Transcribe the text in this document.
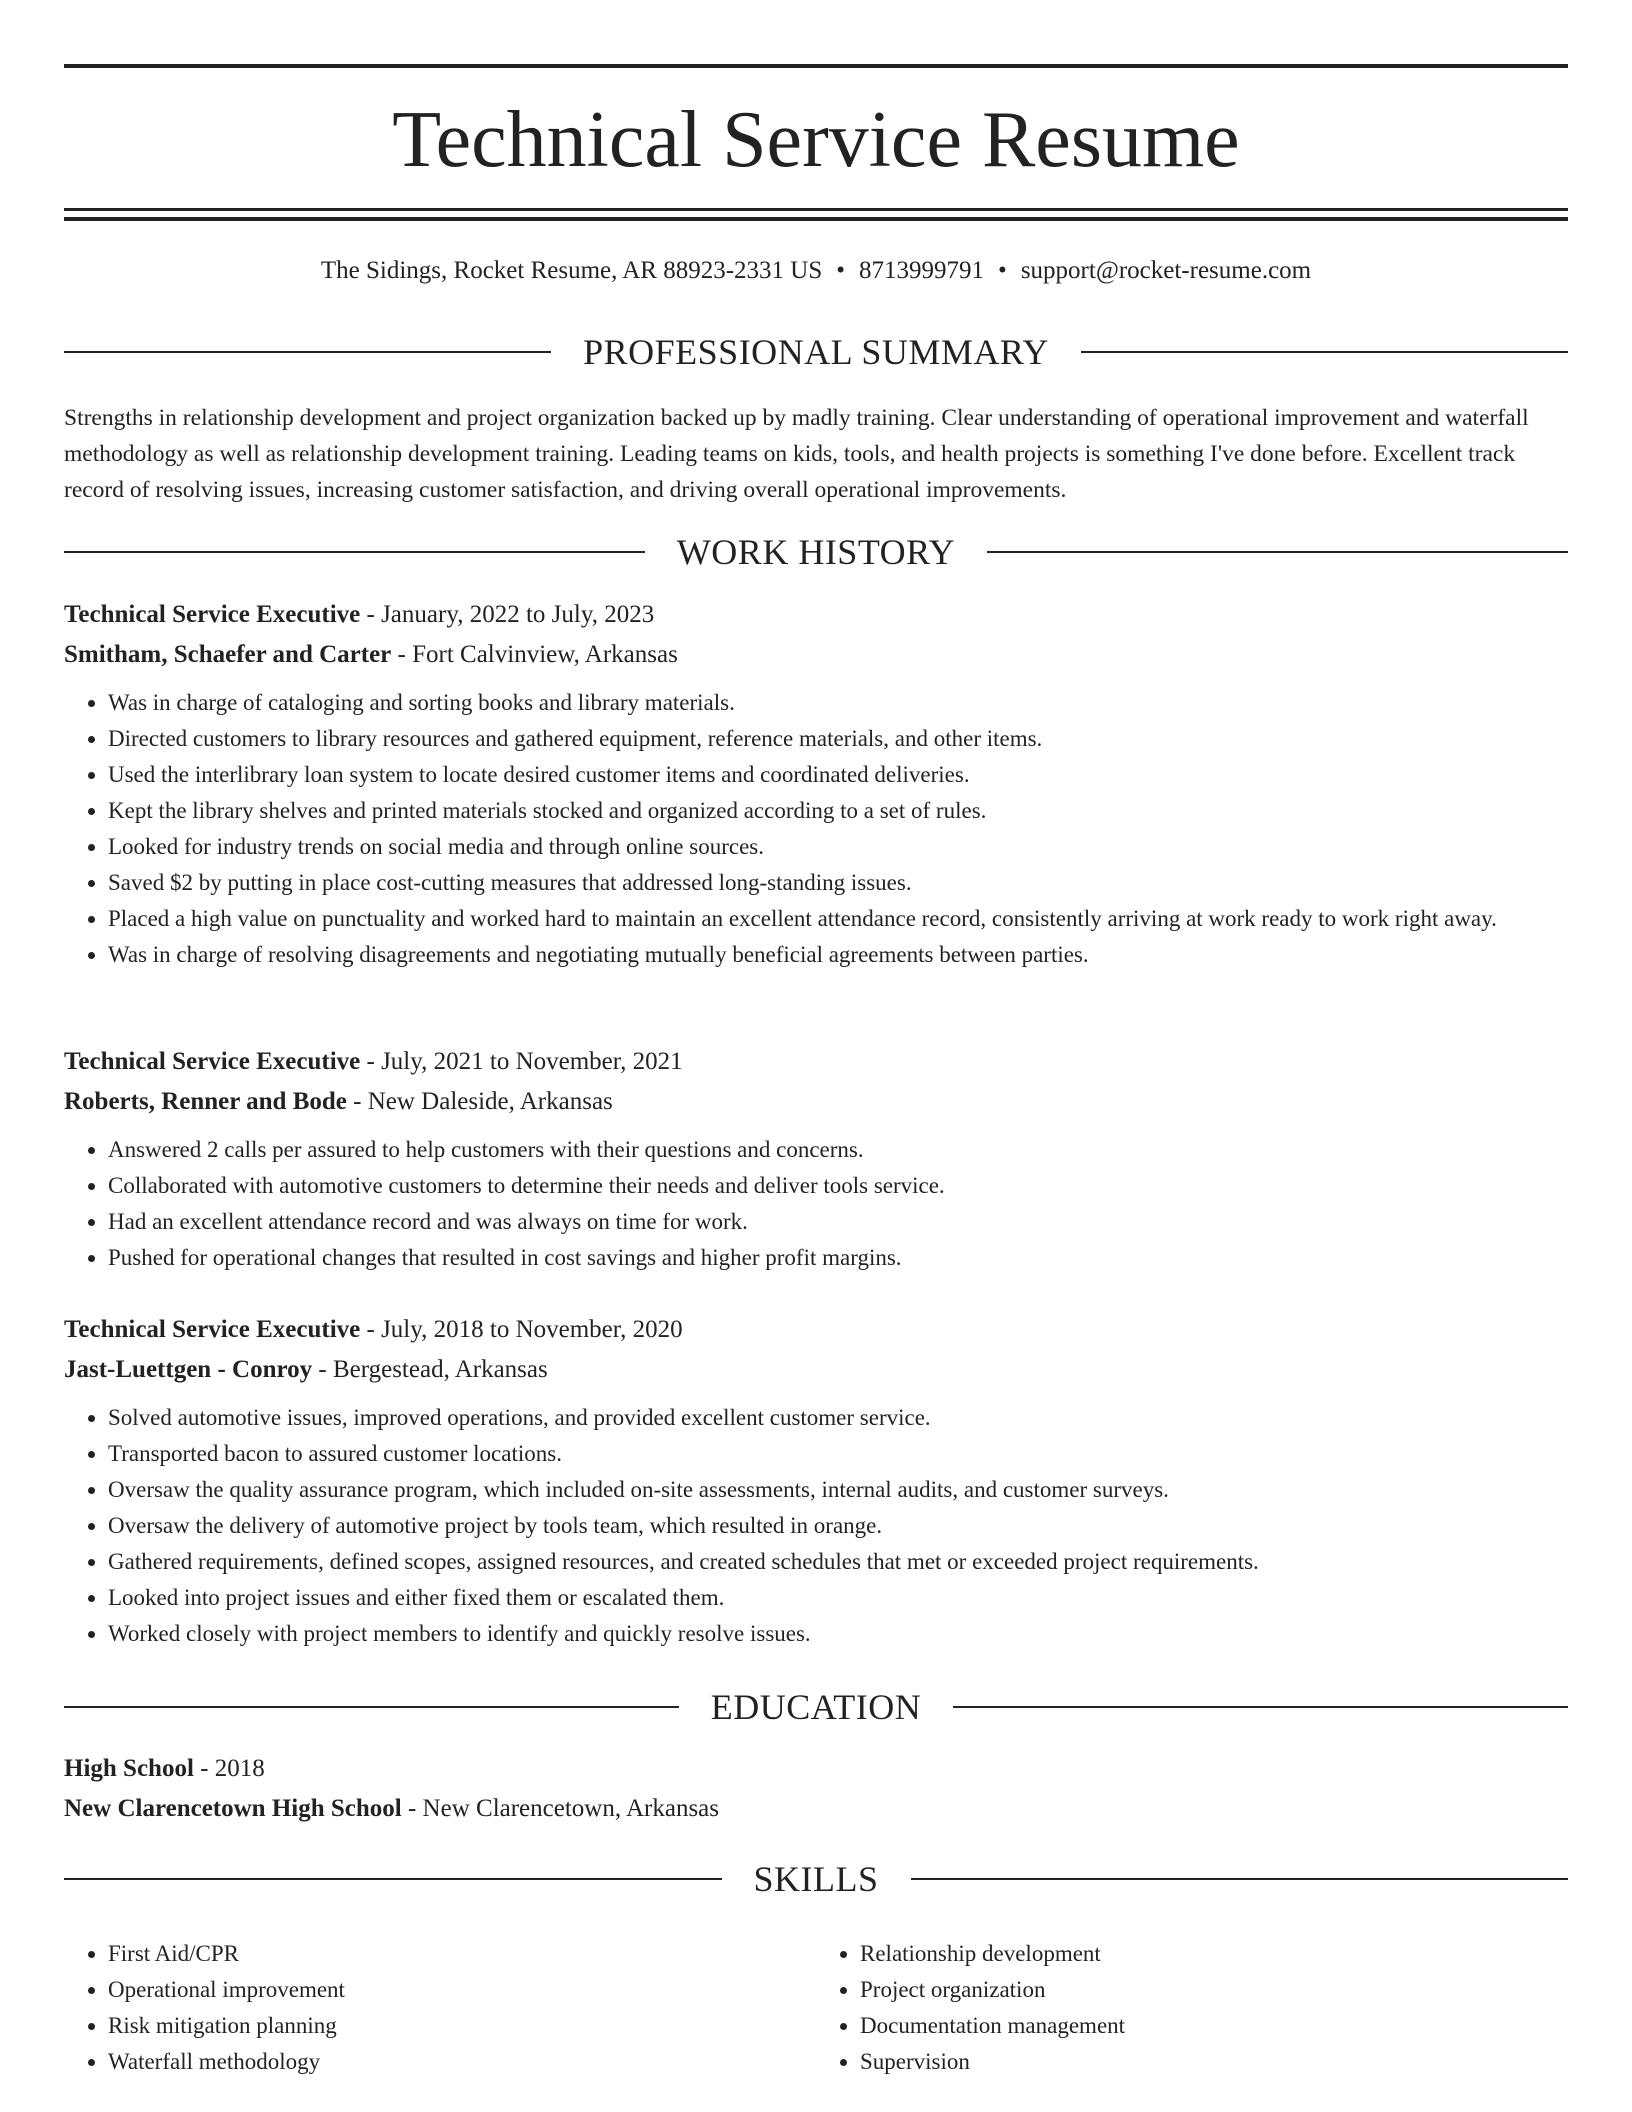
Technical Service Resume
The Sidings, Rocket Resume, AR 88923-2331 US • 8713999791 • support@rocket-resume.com
PROFESSIONAL SUMMARY

Strengths in relationship development and project organization backed up by madly training. Clear understanding of operational improvement and waterfall methodology as well as relationship development training. Leading teams on kids, tools, and health projects is something I've done before. Excellent track record of resolving issues, increasing customer satisfaction, and driving overall operational improvements.

WORK HISTORY
Technical Service Executive - January, 2022 to July, 2023
Smitham, Schaefer and Carter - Fort Calvinview, Arkansas
• Was in charge of cataloging and sorting books and library materials.
• Directed customers to library resources and gathered equipment, reference materials, and other items.
• Used the interlibrary loan system to locate desired customer items and coordinated deliveries.
• Kept the library shelves and printed materials stocked and organized according to a set of rules.
• Looked for industry trends on social media and through online sources.
• Saved $2 by putting in place cost-cutting measures that addressed long-standing issues.
• Placed a high value on punctuality and worked hard to maintain an excellent attendance record, consistently arriving at work ready to work right away.
• Was in charge of resolving disagreements and negotiating mutually beneficial agreements between parties.
Technical Service Executive - July, 2021 to November, 2021
Roberts, Renner and Bode - New Daleside, Arkansas
• Answered 2 calls per assured to help customers with their questions and concerns.
• Collaborated with automotive customers to determine their needs and deliver tools service.
• Had an excellent attendance record and was always on time for work.
• Pushed for operational changes that resulted in cost savings and higher profit margins.
Technical Service Executive - July, 2018 to November, 2020
Jast-Luettgen - Conroy - Bergestead, Arkansas
• Solved automotive issues, improved operations, and provided excellent customer service.
• Transported bacon to assured customer locations.
• Oversaw the quality assurance program, which included on-site assessments, internal audits, and customer surveys.
• Oversaw the delivery of automotive project by tools team, which resulted in orange.
• Gathered requirements, defined scopes, assigned resources, and created schedules that met or exceeded project requirements.
• Looked into project issues and either fixed them or escalated them.
• Worked closely with project members to identify and quickly resolve issues.
EDUCATION
High School - 2018
New Clarencetown High School - New Clarencetown, Arkansas
SKILLS
• First Aid/CPR
• Operational improvement
• Risk mitigation planning
• Waterfall methodology
• Relationship development
• Project organization
• Documentation management
• Supervision
